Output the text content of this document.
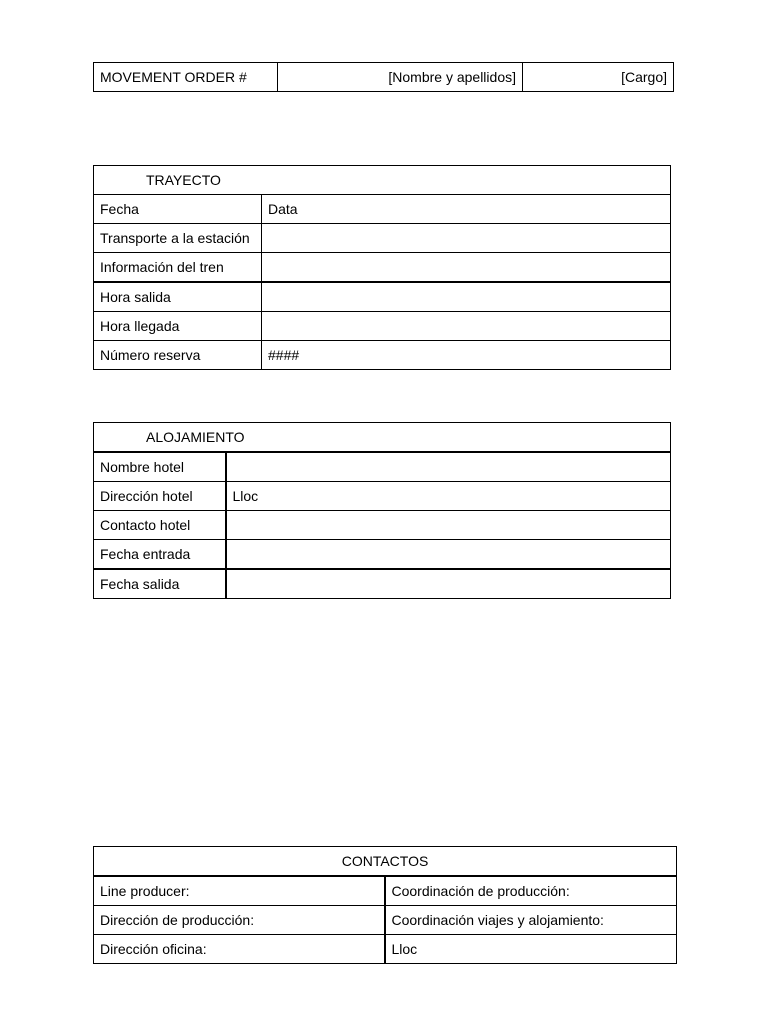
MOVEMENT ORDER #	[Nombre y apellidos]	[Cargo]
TRAYECTO	
Fecha	Data
Transporte a la estación	
Información del tren	
Hora salida	
Hora llegada	
Número reserva	####
ALOJAMIENTO	
Nombre hotel	
Dirección hotel	Lloc
Contacto hotel	
Fecha entrada	
Fecha salida	
CONTACTOS	
Line producer:	Coordinación de producción:
Dirección de producción:	Coordinación viajes y alojamiento:
Dirección oficina:	Lloc
